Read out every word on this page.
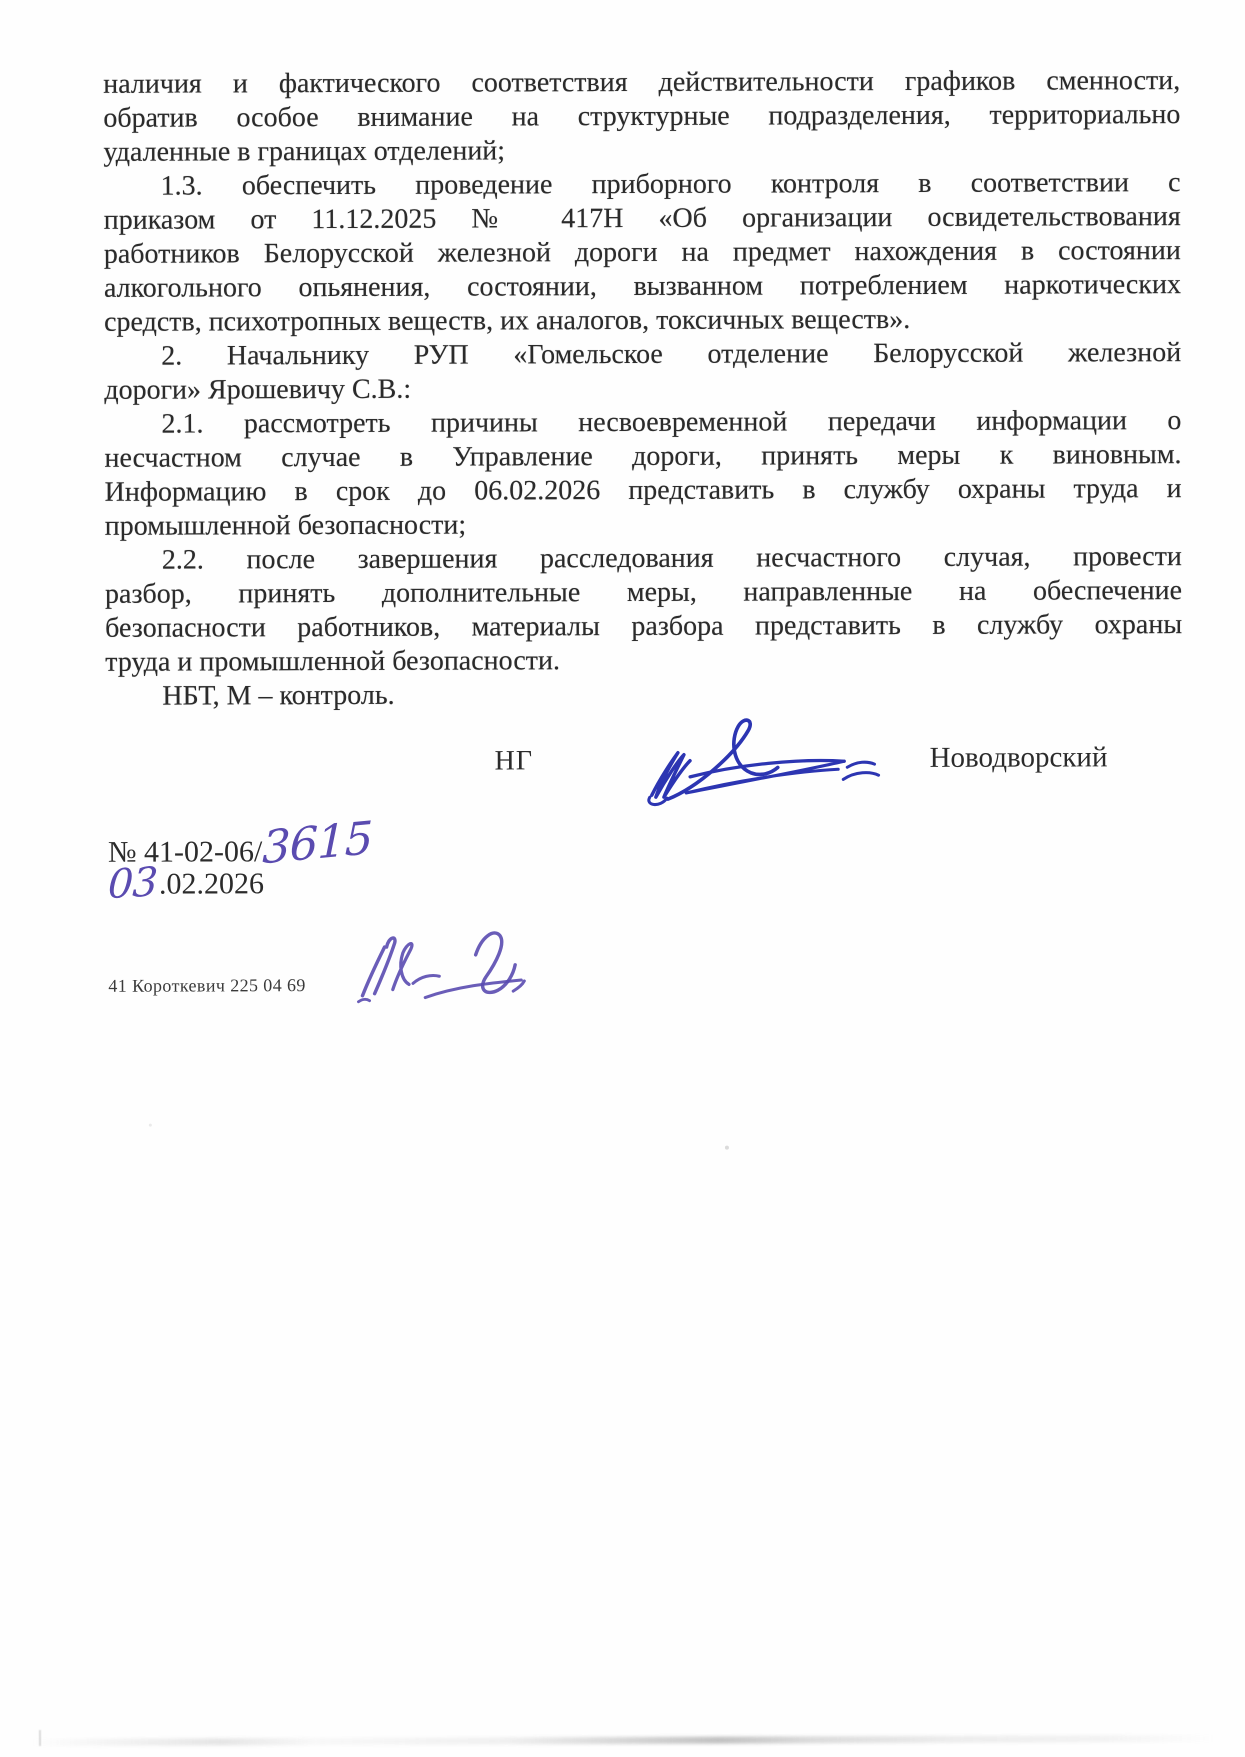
наличия и фактического соответствия действительности графиков сменности,
обратив особое внимание на структурные подразделения, территориально
удаленные в границах отделений;
1.3. обеспечить проведение приборного контроля в соответствии с
приказом от 11.12.2025 № 417Н «Об организации освидетельствования
работников Белорусской железной дороги на предмет нахождения в состоянии
алкогольного опьянения, состоянии, вызванном потреблением наркотических
средств, психотропных веществ, их аналогов, токсичных веществ».
2. Начальнику РУП «Гомельское отделение Белорусской железной
дороги» Ярошевичу С.В.:
2.1. рассмотреть причины несвоевременной передачи информации о
несчастном случае в Управление дороги, принять меры к виновным.
Информацию в срок до 06.02.2026 представить в службу охраны труда и
промышленной безопасности;
2.2. после завершения расследования несчастного случая, провести
разбор, принять дополнительные меры, направленные на обеспечение
безопасности работников, материалы разбора представить в службу охраны
труда и промышленной безопасности.
НБТ, М – контроль.
НГ	Новодворский
№ 41-02-06/3615
03.02.2026
41 Короткевич 225 04 69
